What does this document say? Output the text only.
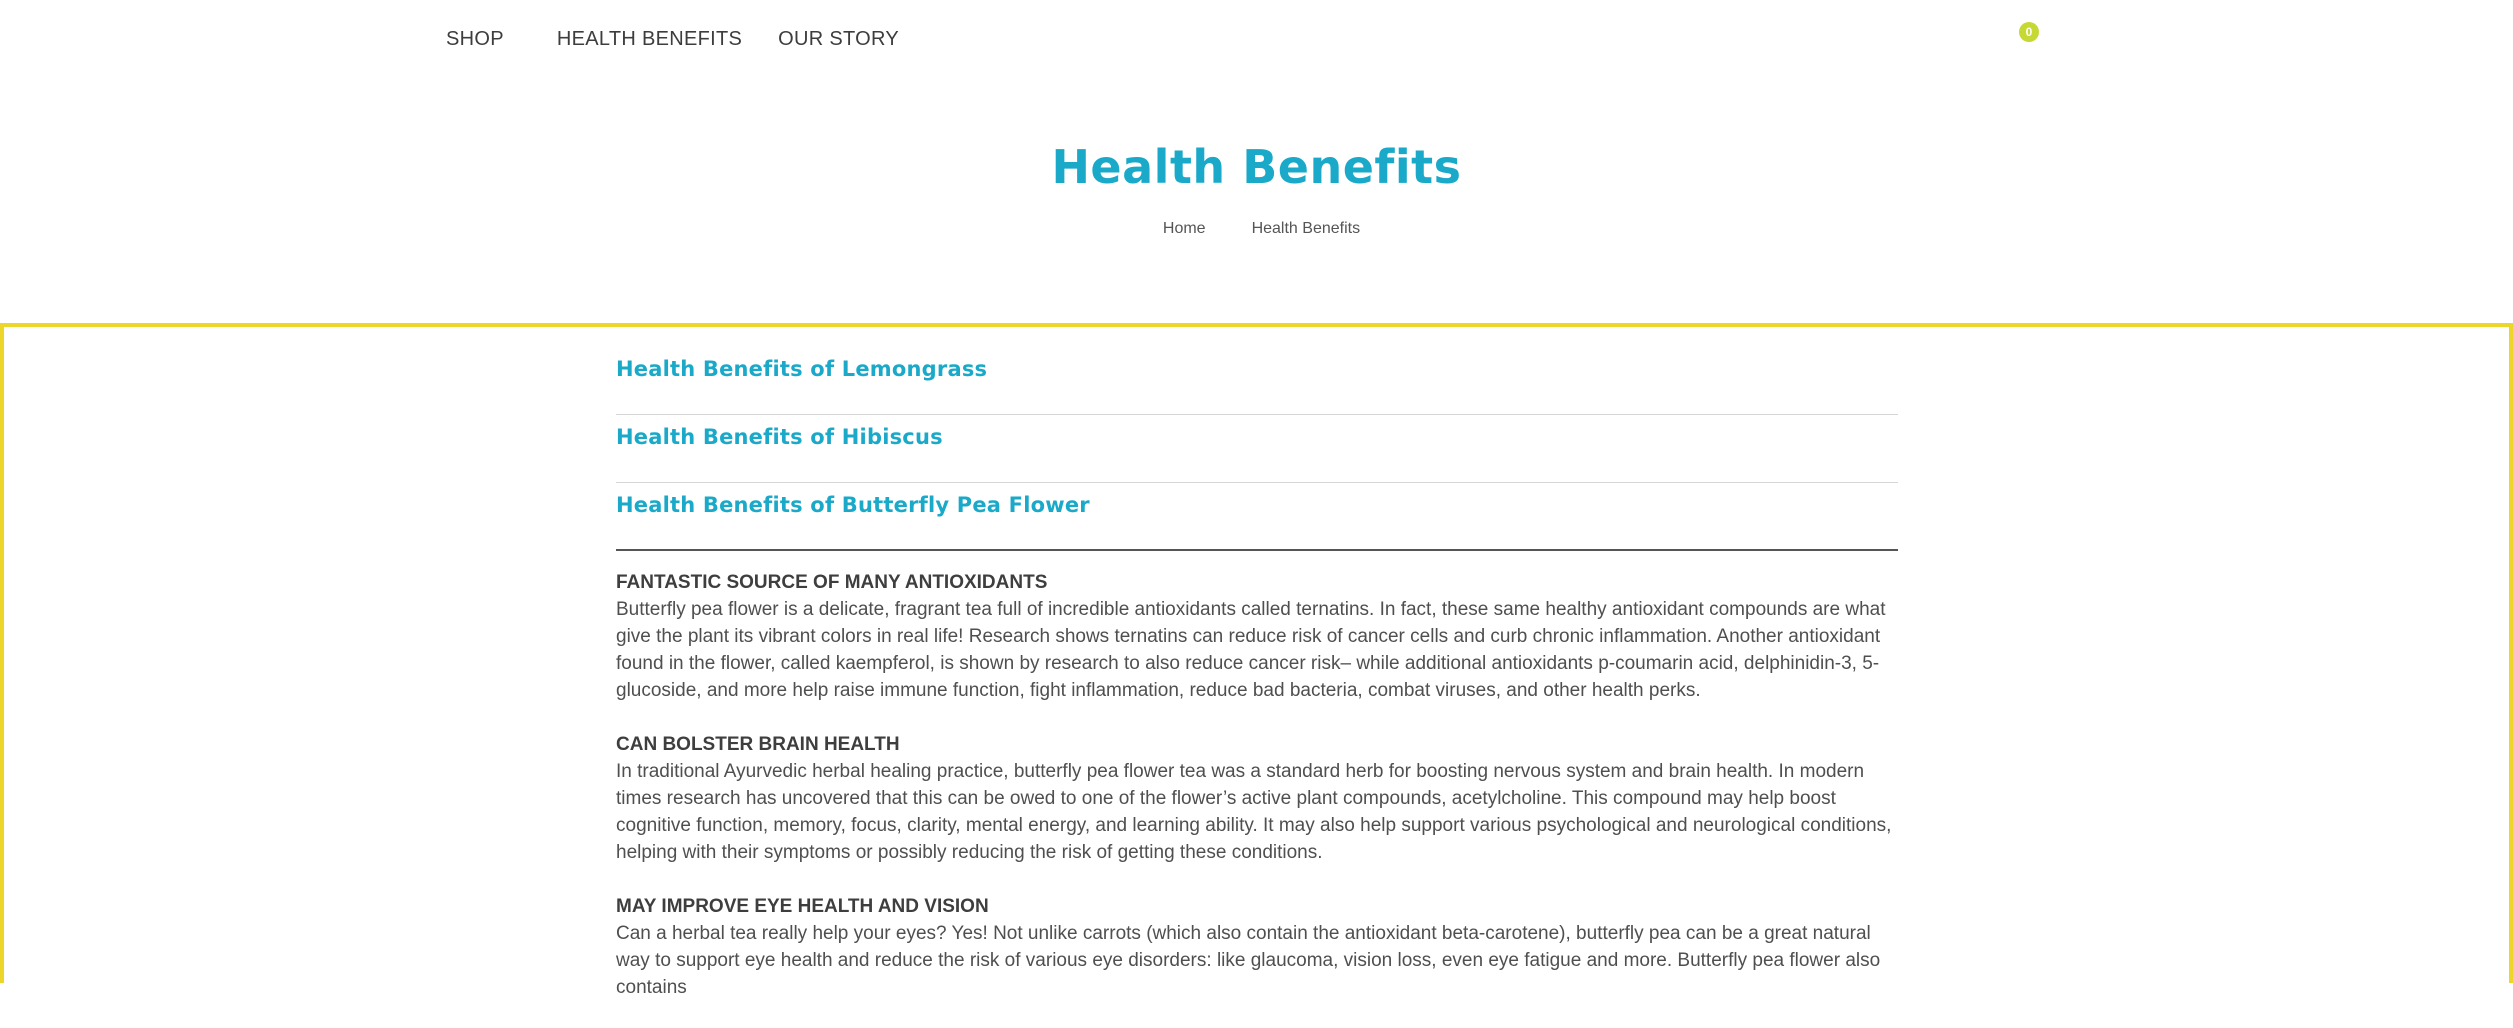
SHOP	HEALTH BENEFITS OUR STORY	0
Health Benefits
Home	Health Benefits
Health Benefits of Lemongrass
Health Benefits of Hibiscus
Health Benefits of Butterfly Pea Flower
FANTASTIC SOURCE OF MANY ANTIOXIDANTS

Butterfly pea flower is a delicate, fragrant tea full of incredible antioxidants called ternatins. In fact, these same healthy antioxidant compounds are what give the plant its vibrant colors in real life! Research shows ternatins can reduce risk of cancer cells and curb chronic inflammation. Another antioxidant found in the flower, called kaempferol, is shown by research to also reduce cancer risk– while additional antioxidants p-coumarin acid, delphinidin-3, 5-glucoside, and more help raise immune function, fight inflammation, reduce bad bacteria, combat viruses, and other health perks.

CAN BOLSTER BRAIN HEALTH

In traditional Ayurvedic herbal healing practice, butterfly pea flower tea was a standard herb for boosting nervous system and brain health. In modern times research has uncovered that this can be owed to one of the flower’s active plant compounds, acetylcholine. This compound may help boost cognitive function, memory, focus, clarity, mental energy, and learning ability. It may also help support various psychological and neurological conditions, helping with their symptoms or possibly reducing the risk of getting these conditions.

MAY IMPROVE EYE HEALTH AND VISION

Can a herbal tea really help your eyes? Yes! Not unlike carrots (which also contain the antioxidant beta-carotene), butterfly pea can be a great natural way to support eye health and reduce the risk of various eye disorders: like glaucoma, vision loss, even eye fatigue and more. Butterfly pea flower also contains
